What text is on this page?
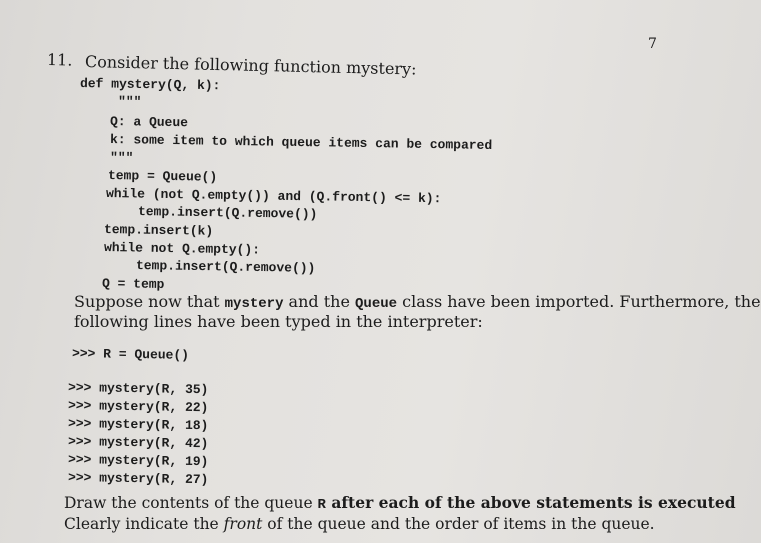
7
11. Consider the following function mystery:
def mystery(Q, k):
"""
Q: a Queue
k: some item to which queue items can be compared
"""
temp = Queue()
while (not Q.empty()) and (Q.front() <= k):
temp.insert(Q.remove())
temp.insert(k)
while not Q.empty():
temp.insert(Q.remove())
Q = temp
Suppose now that mystery and the Queue class have been imported. Furthermore, the
following lines have been typed in the interpreter:
>>> R = Queue()
>>> mystery(R, 35)
>>> mystery(R, 22)
>>> mystery(R, 18)
>>> mystery(R, 42)
>>> mystery(R, 19)
>>> mystery(R, 27)
Draw the contents of the queue R after each of the above statements is executed
Clearly indicate the front of the queue and the order of items in the queue.
